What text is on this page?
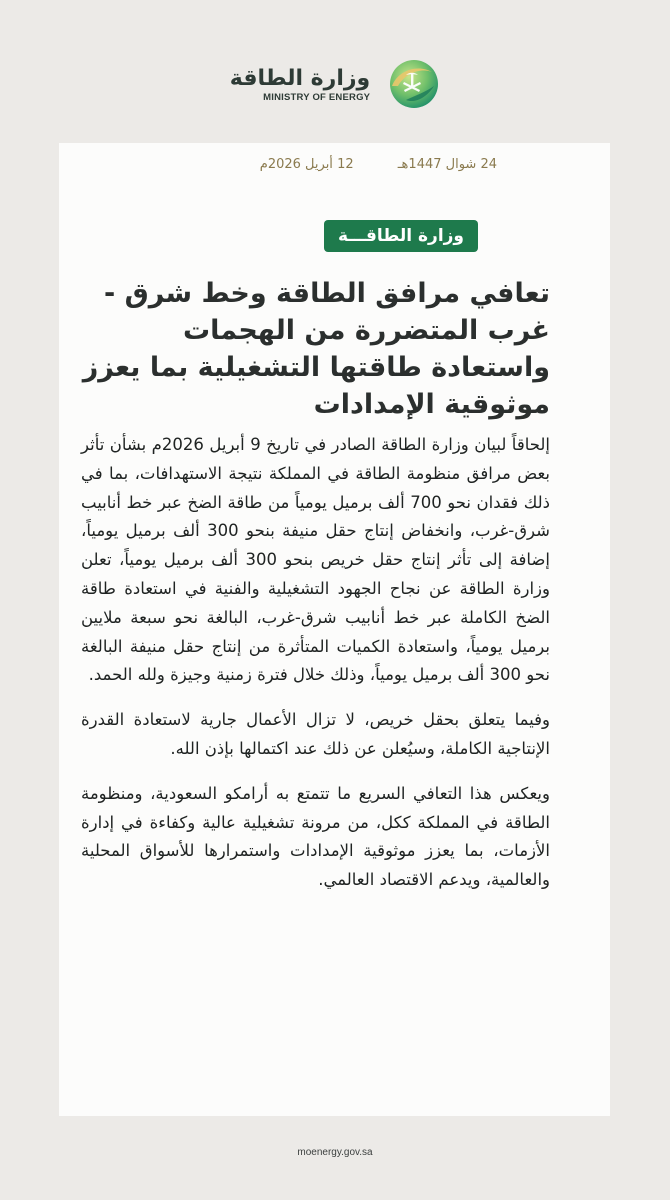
وزارة الطاقة
MINISTRY OF ENERGY
24 شوال 1447هـ 12 أبريل 2026م
وزارة الطاقـــة
تعافي مرافق الطاقة وخط شرق - غرب المتضررة من الهجمات واستعادة طاقتها التشغيلية بما يعزز موثوقية الإمدادات

إلحاقاً لبيان وزارة الطاقة الصادر في تاريخ 9 أبريل 2026م بشأن تأثر بعض مرافق منظومة الطاقة في المملكة نتيجة الاستهدافات، بما في ذلك فقدان نحو 700 ألف برميل يومياً من طاقة الضخ عبر خط أنابيب شرق-غرب، وانخفاض إنتاج حقل منيفة بنحو 300 ألف برميل يومياً، إضافة إلى تأثر إنتاج حقل خريص بنحو 300 ألف برميل يومياً، تعلن وزارة الطاقة عن نجاح الجهود التشغيلية والفنية في استعادة طاقة الضخ الكاملة عبر خط أنابيب شرق-غرب، البالغة نحو سبعة ملايين برميل يومياً، واستعادة الكميات المتأثرة من إنتاج حقل منيفة البالغة نحو 300 ألف برميل يومياً، وذلك خلال فترة زمنية وجيزة ولله الحمد.

وفيما يتعلق بحقل خريص، لا تزال الأعمال جارية لاستعادة القدرة الإنتاجية الكاملة، وسيُعلن عن ذلك عند اكتمالها بإذن الله.

ويعكس هذا التعافي السريع ما تتمتع به أرامكو السعودية، ومنظومة الطاقة في المملكة ككل، من مرونة تشغيلية عالية وكفاءة في إدارة الأزمات، بما يعزز موثوقية الإمدادات واستمرارها للأسواق المحلية والعالمية، ويدعم الاقتصاد العالمي.

moenergy.gov.sa
